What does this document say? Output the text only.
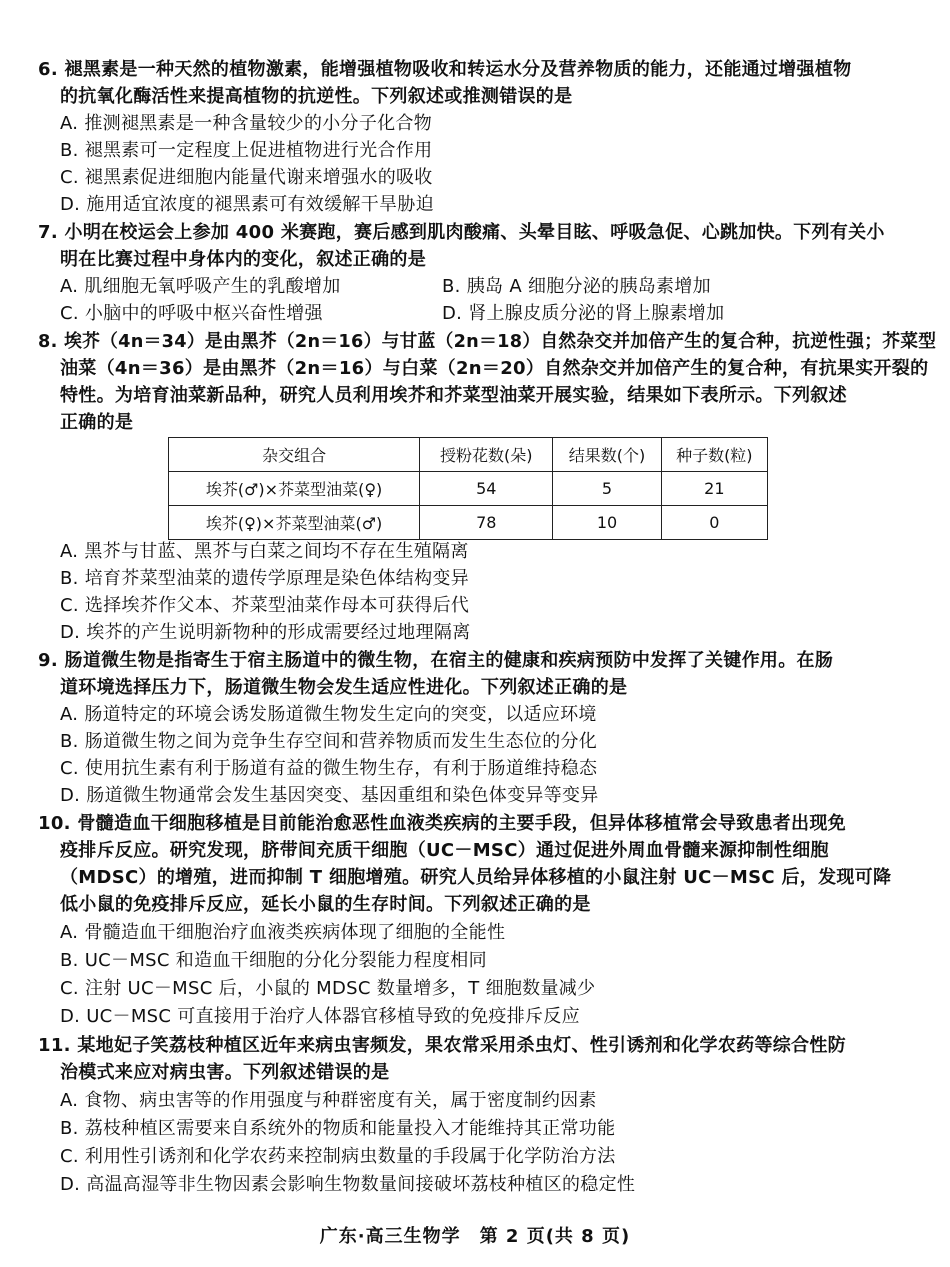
6. 褪黑素是一种天然的植物激素，能增强植物吸收和转运水分及营养物质的能力，还能通过增强植物
的抗氧化酶活性来提高植物的抗逆性。下列叙述或推测错误的是
A. 推测褪黑素是一种含量较少的小分子化合物
B. 褪黑素可一定程度上促进植物进行光合作用
C. 褪黑素促进细胞内能量代谢来增强水的吸收
D. 施用适宜浓度的褪黑素可有效缓解干旱胁迫
7. 小明在校运会上参加 400 米赛跑，赛后感到肌肉酸痛、头晕目眩、呼吸急促、心跳加快。下列有关小
明在比赛过程中身体内的变化，叙述正确的是
A. 肌细胞无氧呼吸产生的乳酸增加	B. 胰岛 A 细胞分泌的胰岛素增加
C. 小脑中的呼吸中枢兴奋性增强	D. 肾上腺皮质分泌的肾上腺素增加
8. 埃芥（4n＝34）是由黑芥（2n＝16）与甘蓝（2n＝18）自然杂交并加倍产生的复合种，抗逆性强；芥菜型
油菜（4n＝36）是由黑芥（2n＝16）与白菜（2n＝20）自然杂交并加倍产生的复合种，有抗果实开裂的
特性。为培育油菜新品种，研究人员利用埃芥和芥菜型油菜开展实验，结果如下表所示。下列叙述
正确的是
杂交组合	授粉花数(朵)	结果数(个)	种子数(粒)
埃芥(♂)×芥菜型油菜(♀)	54	5	21
埃芥(♀)×芥菜型油菜(♂)	78	10	0
A. 黑芥与甘蓝、黑芥与白菜之间均不存在生殖隔离
B. 培育芥菜型油菜的遗传学原理是染色体结构变异
C. 选择埃芥作父本、芥菜型油菜作母本可获得后代
D. 埃芥的产生说明新物种的形成需要经过地理隔离
9. 肠道微生物是指寄生于宿主肠道中的微生物，在宿主的健康和疾病预防中发挥了关键作用。在肠
道环境选择压力下，肠道微生物会发生适应性进化。下列叙述正确的是
A. 肠道特定的环境会诱发肠道微生物发生定向的突变，以适应环境
B. 肠道微生物之间为竞争生存空间和营养物质而发生生态位的分化
C. 使用抗生素有利于肠道有益的微生物生存，有利于肠道维持稳态
D. 肠道微生物通常会发生基因突变、基因重组和染色体变异等变异
10. 骨髓造血干细胞移植是目前能治愈恶性血液类疾病的主要手段，但异体移植常会导致患者出现免
疫排斥反应。研究发现，脐带间充质干细胞（UC－MSC）通过促进外周血骨髓来源抑制性细胞
（MDSC）的增殖，进而抑制 T 细胞增殖。研究人员给异体移植的小鼠注射 UC－MSC 后，发现可降
低小鼠的免疫排斥反应，延长小鼠的生存时间。下列叙述正确的是
A. 骨髓造血干细胞治疗血液类疾病体现了细胞的全能性
B. UC－MSC 和造血干细胞的分化分裂能力程度相同
C. 注射 UC－MSC 后，小鼠的 MDSC 数量增多，T 细胞数量减少
D. UC－MSC 可直接用于治疗人体器官移植导致的免疫排斥反应
11. 某地妃子笑荔枝种植区近年来病虫害频发，果农常采用杀虫灯、性引诱剂和化学农药等综合性防
治模式来应对病虫害。下列叙述错误的是
A. 食物、病虫害等的作用强度与种群密度有关，属于密度制约因素
B. 荔枝种植区需要来自系统外的物质和能量投入才能维持其正常功能
C. 利用性引诱剂和化学农药来控制病虫数量的手段属于化学防治方法
D. 高温高湿等非生物因素会影响生物数量间接破坏荔枝种植区的稳定性
广东·高三生物学　第 2 页(共 8 页)
